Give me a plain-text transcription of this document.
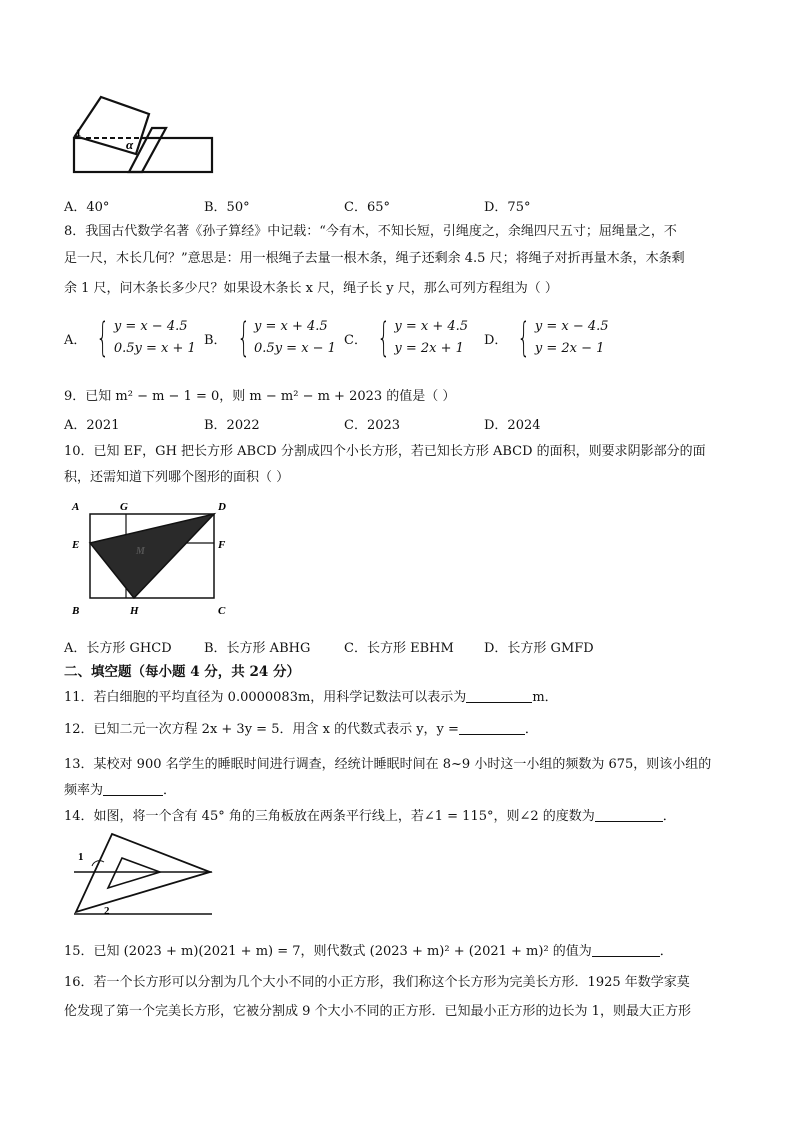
1
α
A．40°	B．50°	C．65°	D．75°
8．我国古代数学名著《孙子算经》中记载：“今有木，不知长短，引绳度之，余绳四尺五寸；屈绳量之，不
足一尺，木长几何？”意思是：用一根绳子去量一根木条，绳子还剩余 4.5 尺；将绳子对折再量木条，木条剩
余 1 尺，问木条长多少尺？如果设木条长 x 尺，绳子长 y 尺，那么可列方程组为（ ）
A． { y = x − 4.5
0.5y = x + 1
B． { y = x + 4.5
0.5y = x − 1
C． { y = x + 4.5
y = 2x + 1
D． { y = x − 4.5
y = 2x − 1
9．已知 m² − m − 1 = 0，则 m − m² − m + 2023 的值是（ ）
A．2021	B．2022	C．2023	D．2024
10．已知 EF，GH 把长方形 ABCD 分割成四个小长方形，若已知长方形 ABCD 的面积，则要求阴影部分的面
积，还需知道下列哪个图形的面积（ ）
A	G	D
E
M
F
B	H	C
A．长方形 GHCD B．长方形 ABHG	C．长方形 EBHM D．长方形 GMFD
二、填空题（每小题 4 分，共 24 分）
11．若白细胞的平均直径为 0.0000083m，用科学记数法可以表示为	m．
12．已知二元一次方程 2x + 3y = 5．用含 x 的代数式表示 y，y =	．
13．某校对 900 名学生的睡眠时间进行调查，经统计睡眠时间在 8~9 小时这一小组的频数为 675，则该小组的
频率为	．
14．如图，将一个含有 45° 角的三角板放在两条平行线上，若∠1 = 115°，则∠2 的度数为	．
1
2
15．已知 (2023 + m)(2021 + m) = 7，则代数式 (2023 + m)² + (2021 + m)² 的值为	．
16．若一个长方形可以分割为几个大小不同的小正方形，我们称这个长方形为完美长方形．1925 年数学家莫
伦发现了第一个完美长方形，它被分割成 9 个大小不同的正方形．已知最小正方形的边长为 1，则最大正方形
